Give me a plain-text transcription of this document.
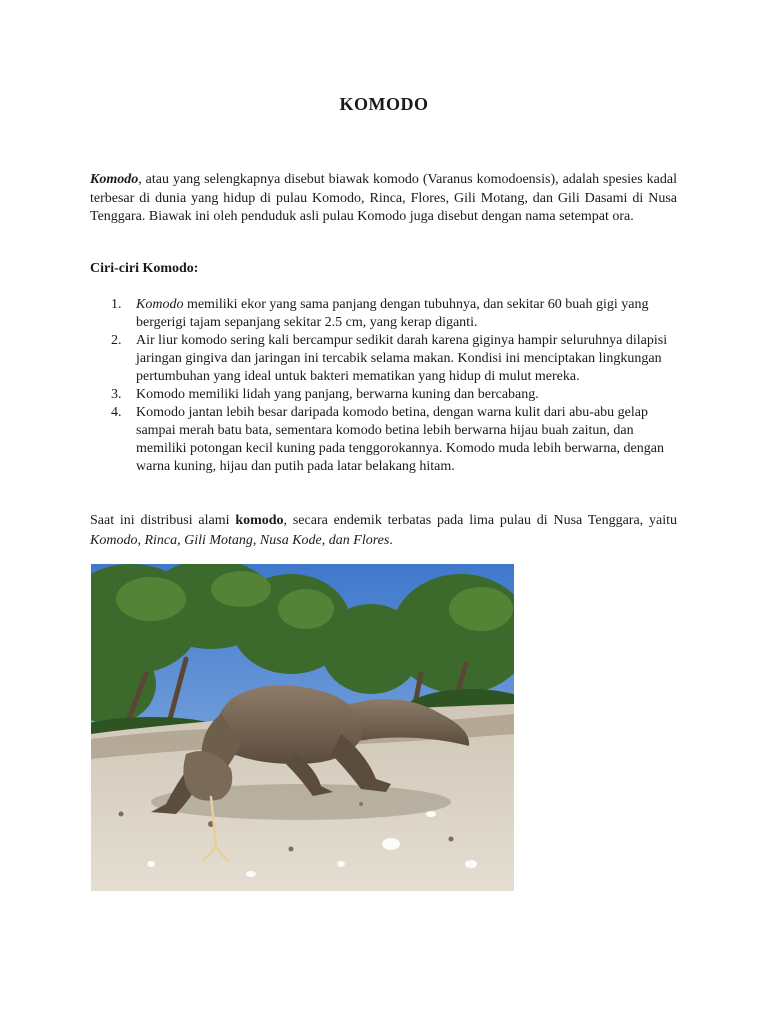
KOMODO

Komodo, atau yang selengkapnya disebut biawak komodo (Varanus komodoensis), adalah spesies kadal terbesar di dunia yang hidup di pulau Komodo, Rinca, Flores, Gili Motang, dan Gili Dasami di Nusa Tenggara. Biawak ini oleh penduduk asli pulau Komodo juga disebut dengan nama setempat ora.

Ciri-ciri Komodo:
1. Komodo memiliki ekor yang sama panjang dengan tubuhnya, dan sekitar 60 buah gigi yang bergerigi tajam sepanjang sekitar 2.5 cm, yang kerap diganti.
2. Air liur komodo sering kali bercampur sedikit darah karena giginya hampir seluruhnya dilapisi jaringan gingiva dan jaringan ini tercabik selama makan. Kondisi ini menciptakan lingkungan pertumbuhan yang ideal untuk bakteri mematikan yang hidup di mulut mereka.
3. Komodo memiliki lidah yang panjang, berwarna kuning dan bercabang.
4. Komodo jantan lebih besar daripada komodo betina, dengan warna kulit dari abu-abu gelap sampai merah batu bata, sementara komodo betina lebih berwarna hijau buah zaitun, dan memiliki potongan kecil kuning pada tenggorokannya. Komodo muda lebih berwarna, dengan warna kuning, hijau dan putih pada latar belakang hitam.

Saat ini distribusi alami komodo, secara endemik terbatas pada lima pulau di Nusa Tenggara, yaitu Komodo, Rinca, Gili Motang, Nusa Kode, dan Flores.
